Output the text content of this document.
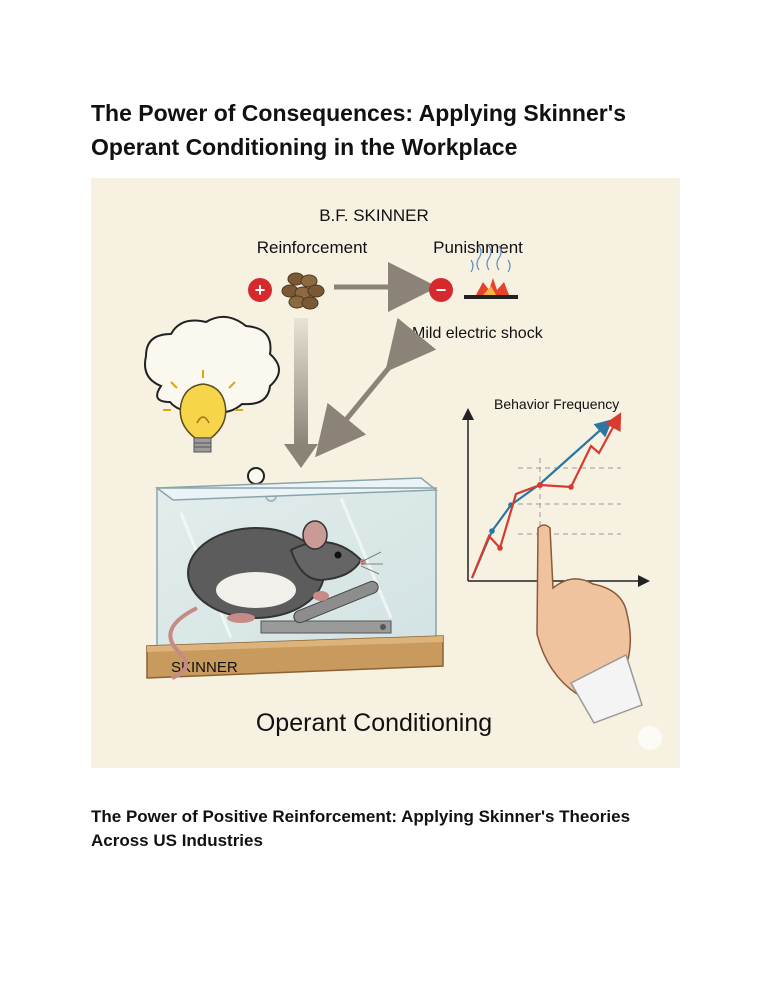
The Power of Consequences: Applying Skinner's Operant Conditioning in the Workplace
B.F. SKINNER
Reinforcement	Punishment
+	−
Mild electric shock
SKINNER
Behavior Frequency
Operant Conditioning
The Power of Positive Reinforcement: Applying Skinner's Theories Across US Industries
